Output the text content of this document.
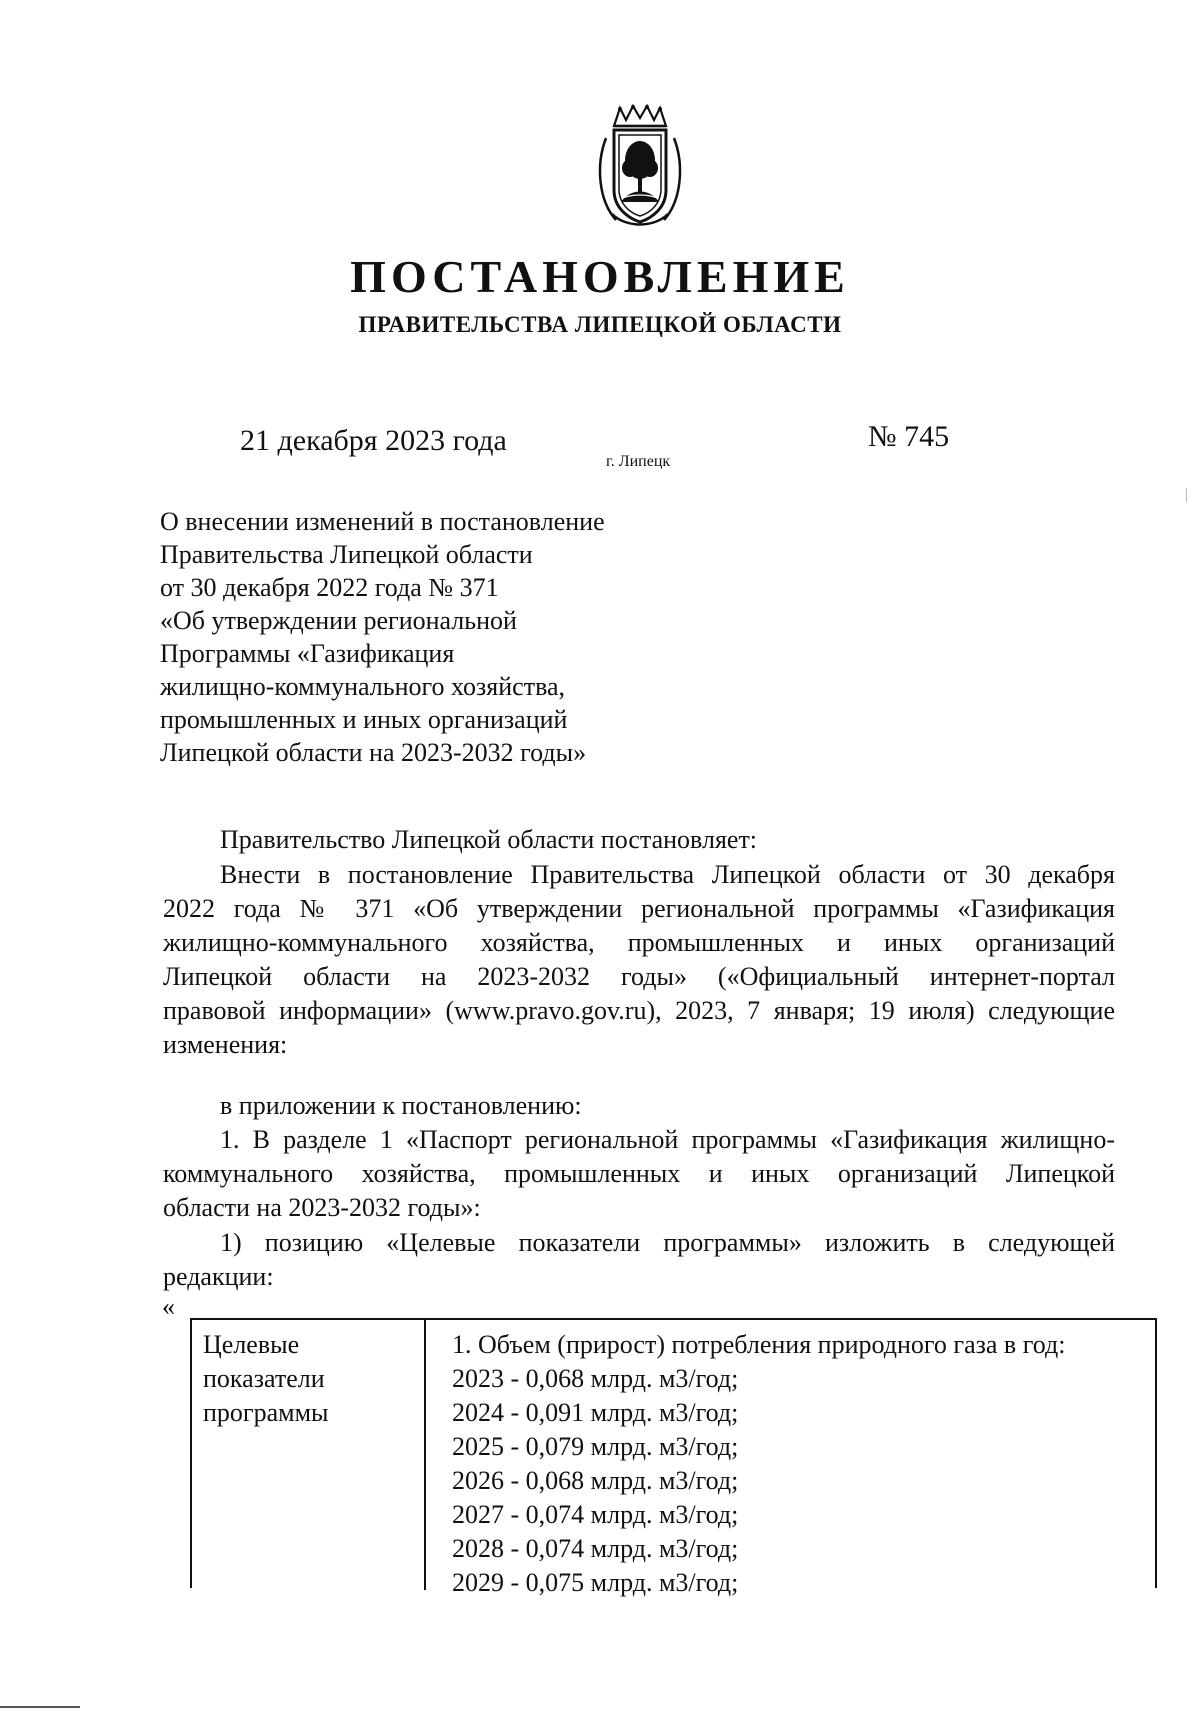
ПОСТАНОВЛЕНИЕ
ПРАВИТЕЛЬСТВА ЛИПЕЦКОЙ ОБЛАСТИ
21 декабря 2023 года
г. Липецк
№ 745
О внесении изменений в постановление
Правительства Липецкой области
от 30 декабря 2022 года № 371
«Об утверждении региональной
Программы «Газификация
жилищно-коммунального хозяйства,
промышленных и иных организаций
Липецкой области на 2023-2032 годы»
Правительство Липецкой области постановляет:
Внести в постановление Правительства Липецкой области от 30 декабря
2022 года № 371 «Об утверждении региональной программы «Газификация
жилищно-коммунального хозяйства, промышленных и иных организаций
Липецкой области на 2023-2032 годы» («Официальный интернет-портал
правовой информации» (www.pravo.gov.ru), 2023, 7 января; 19 июля) следующие
изменения:
в приложении к постановлению:
1. В разделе 1 «Паспорт региональной программы «Газификация жилищно-
коммунального хозяйства, промышленных и иных организаций Липецкой
области на 2023-2032 годы»:
1) позицию «Целевые показатели программы» изложить в следующей
редакции:
«
Целевые
показатели
программы
1. Объем (прирост) потребления природного газа в год:
2023 - 0,068 млрд. м3/год;
2024 - 0,091 млрд. м3/год;
2025 - 0,079 млрд. м3/год;
2026 - 0,068 млрд. м3/год;
2027 - 0,074 млрд. м3/год;
2028 - 0,074 млрд. м3/год;
2029 - 0,075 млрд. м3/год;
